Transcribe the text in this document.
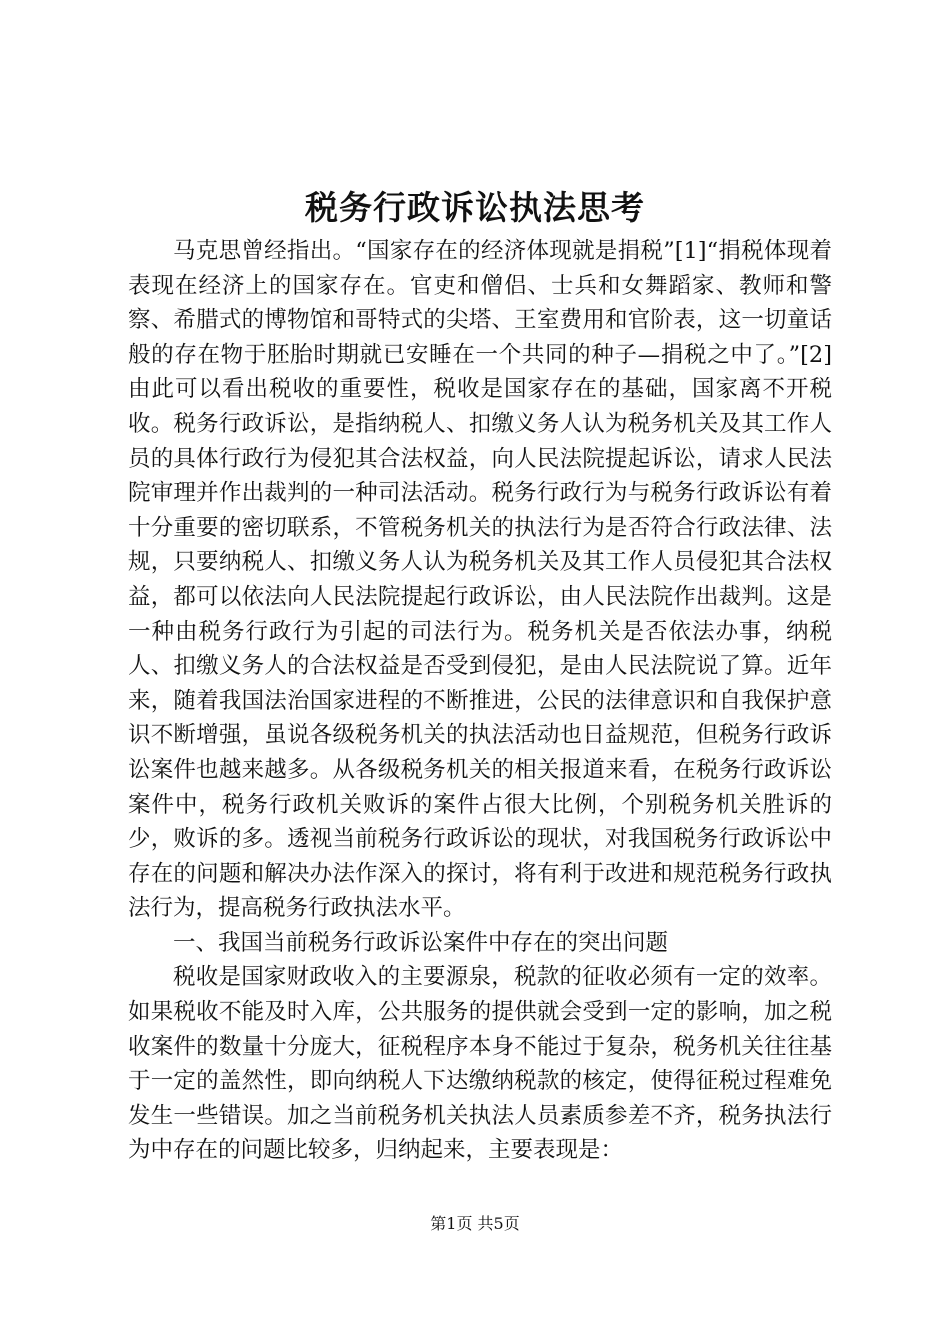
税务行政诉讼执法思考

马克思曾经指出。“国家存在的经济体现就是捐税”[1]“捐税体现着表现在经济上的国家存在。官吏和僧侣、士兵和女舞蹈家、教师和警察、希腊式的博物馆和哥特式的尖塔、王室费用和官阶表，这一切童话般的存在物于胚胎时期就已安睡在一个共同的种子—捐税之中了。”[2]由此可以看出税收的重要性，税收是国家存在的基础，国家离不开税收。税务行政诉讼，是指纳税人、扣缴义务人认为税务机关及其工作人员的具体行政行为侵犯其合法权益，向人民法院提起诉讼，请求人民法院审理并作出裁判的一种司法活动。税务行政行为与税务行政诉讼有着十分重要的密切联系，不管税务机关的执法行为是否符合行政法律、法规，只要纳税人、扣缴义务人认为税务机关及其工作人员侵犯其合法权益，都可以依法向人民法院提起行政诉讼，由人民法院作出裁判。这是一种由税务行政行为引起的司法行为。税务机关是否依法办事，纳税人、扣缴义务人的合法权益是否受到侵犯，是由人民法院说了算。近年来，随着我国法治国家进程的不断推进，公民的法律意识和自我保护意识不断增强，虽说各级税务机关的执法活动也日益规范，但税务行政诉讼案件也越来越多。从各级税务机关的相关报道来看，在税务行政诉讼案件中，税务行政机关败诉的案件占很大比例，个别税务机关胜诉的少，败诉的多。透视当前税务行政诉讼的现状，对我国税务行政诉讼中存在的问题和解决办法作深入的探讨，将有利于改进和规范税务行政执法行为，提高税务行政执法水平。

一、我国当前税务行政诉讼案件中存在的突出问题

税收是国家财政收入的主要源泉，税款的征收必须有一定的效率。如果税收不能及时入库，公共服务的提供就会受到一定的影响，加之税收案件的数量十分庞大，征税程序本身不能过于复杂，税务机关往往基于一定的盖然性，即向纳税人下达缴纳税款的核定，使得征税过程难免发生一些错误。加之当前税务机关执法人员素质参差不齐，税务执法行为中存在的问题比较多，归纳起来，主要表现是：

第1页 共5页
